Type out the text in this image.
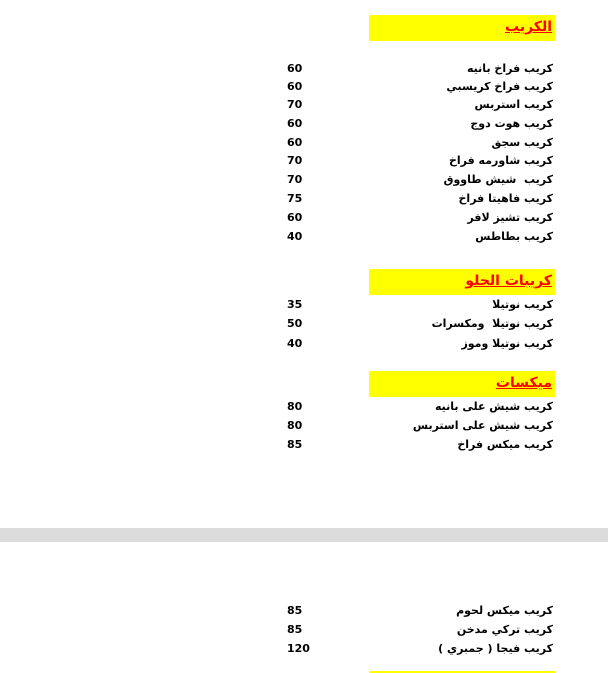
الكريب
كريب فراخ بانيه
60
كريب فراخ كريسبي
60
كريب استربس
70
كريب هوت دوج
60
كريب سجق
60
كريب شاورمه فراخ
70
كريب  شيش طاووق
70
كريب فاهيتا فراخ
75
كريب تشيز لافر
60
كريب بطاطس
40
كريبات الحلو
كريب نوتيلا
35
كريب نوتيلا  ومكسرات
50
كريب نوتيلا وموز
40
ميكسات
كريب شيش على بانيه
80
كريب شيش على استربس
80
كريب ميكس فراخ
85
كريب ميكس لحوم
85
كريب تركي مدخن
85
كريب فيجا ( جمبري )
120
